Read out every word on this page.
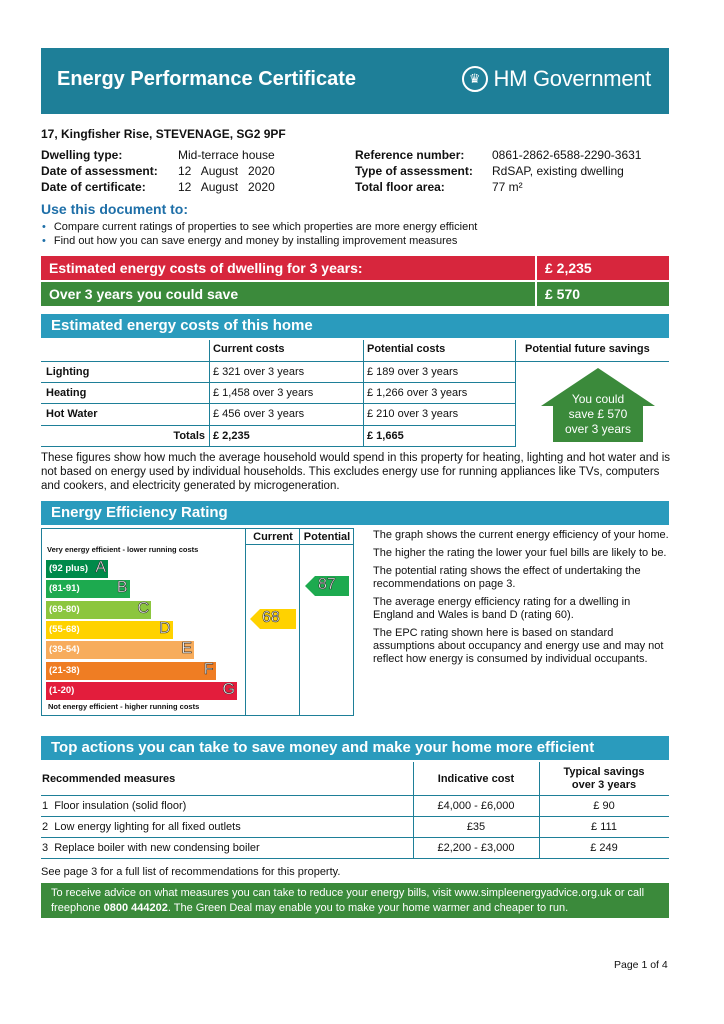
Energy Performance Certificate	♛ HM Government
17, Kingfisher Rise, STEVENAGE, SG2 9PF
Dwelling type:	Mid-terrace house
Date of assessment:	12   August   2020
Date of certificate:	12   August   2020
Reference number:	0861-2862-6588-2290-3631
Type of assessment:	RdSAP, existing dwelling
Total floor area:	77 m²
Use this document to:
• Compare current ratings of properties to see which properties are more energy efficient
• Find out how you can save energy and money by installing improvement measures
Estimated energy costs of dwelling for 3 years:	£ 2,235
Over 3 years you could save	£ 570
Estimated energy costs of this home
Current costs	Potential costs	Potential future savings
Lighting	£ 321 over 3 years	£ 189 over 3 years
Heating	£ 1,458 over 3 years	£ 1,266 over 3 years
Hot Water	£ 456 over 3 years	£ 210 over 3 years
Totals £ 2,235	£ 1,665
You could
save £ 570
over 3 years
These figures show how much the average household would spend in this property for heating, lighting and hot water and is not based on energy used by individual households. This excludes energy use for running appliances like TVs, computers and cookers, and electricity generated by microgeneration.
Energy Efficiency Rating
Current Potential
Very energy efficient - lower running costs
Not energy efficient - higher running costs
(92 plus) A
(81-91) B
(69-80)	C
(55-68)	D
(39-54)	E
(21-38)	F
(1-20)	G
68
87

The graph shows the current energy efficiency of your home.

The higher the rating the lower your fuel bills are likely to be.

The potential rating shows the effect of undertaking the recommendations on page 3.

The average energy efficiency rating for a dwelling in England and Wales is band D (rating 60).

The EPC rating shown here is based on standard assumptions about occupancy and energy use and may not reflect how energy is consumed by individual occupants.

Top actions you can take to save money and make your home more efficient
Recommended measures	Indicative cost
Typical savings
over 3 years
1  Floor insulation (solid floor)	£4,000 - £6,000	£ 90
2  Low energy lighting for all fixed outlets	£35	£ 111
3  Replace boiler with new condensing boiler	£2,200 - £3,000	£ 249
See page 3 for a full list of recommendations for this property.
To receive advice on what measures you can take to reduce your energy bills, visit www.simpleenergyadvice.org.uk or call freephone 0800 444202. The Green Deal may enable you to make your home warmer and cheaper to run.
Page 1 of 4
